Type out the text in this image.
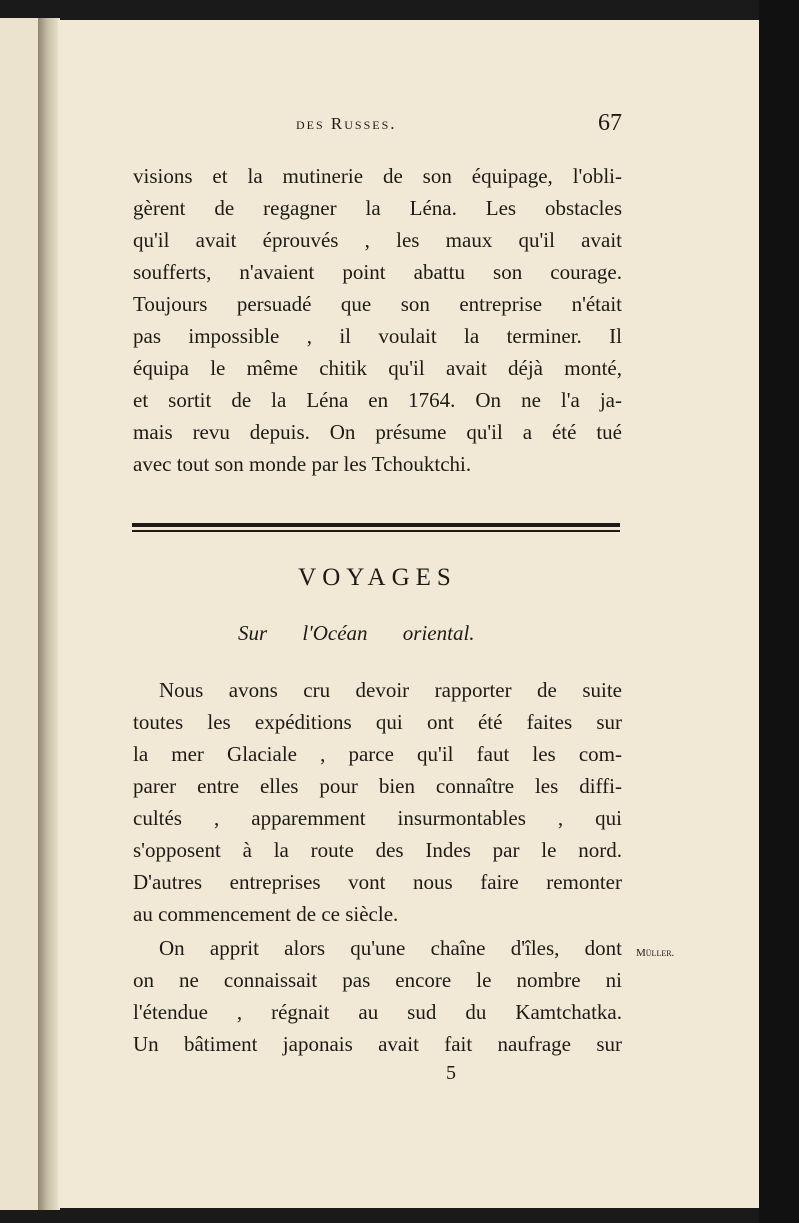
des Russes.	67

visions et la mutinerie de son équipage, l'obli-
gèrent de regagner la Léna. Les obstacles
qu'il avait éprouvés , les maux qu'il avait
soufferts, n'avaient point abattu son courage.
Toujours persuadé que son entreprise n'était
pas impossible , il voulait la terminer. Il
équipa le même chitik qu'il avait déjà monté,
et sortit de la Léna en 1764. On ne l'a ja-
mais revu depuis. On présume qu'il a été tué
avec tout son monde par les Tchouktchi.

VOYAGES
Sur l'Océan oriental.

Nous avons cru devoir rapporter de suite
toutes les expéditions qui ont été faites sur
la mer Glaciale , parce qu'il faut les com-
parer entre elles pour bien connaître les diffi-
cultés , apparemment insurmontables , qui
s'opposent à la route des Indes par le nord.
D'autres entreprises vont nous faire remonter
au commencement de ce siècle.

On apprit alors qu'une chaîne d'îles, dont
on ne connaissait pas encore le nombre ni
l'étendue , régnait au sud du Kamtchatka.
Un bâtiment japonais avait fait naufrage sur

Müller.
5
